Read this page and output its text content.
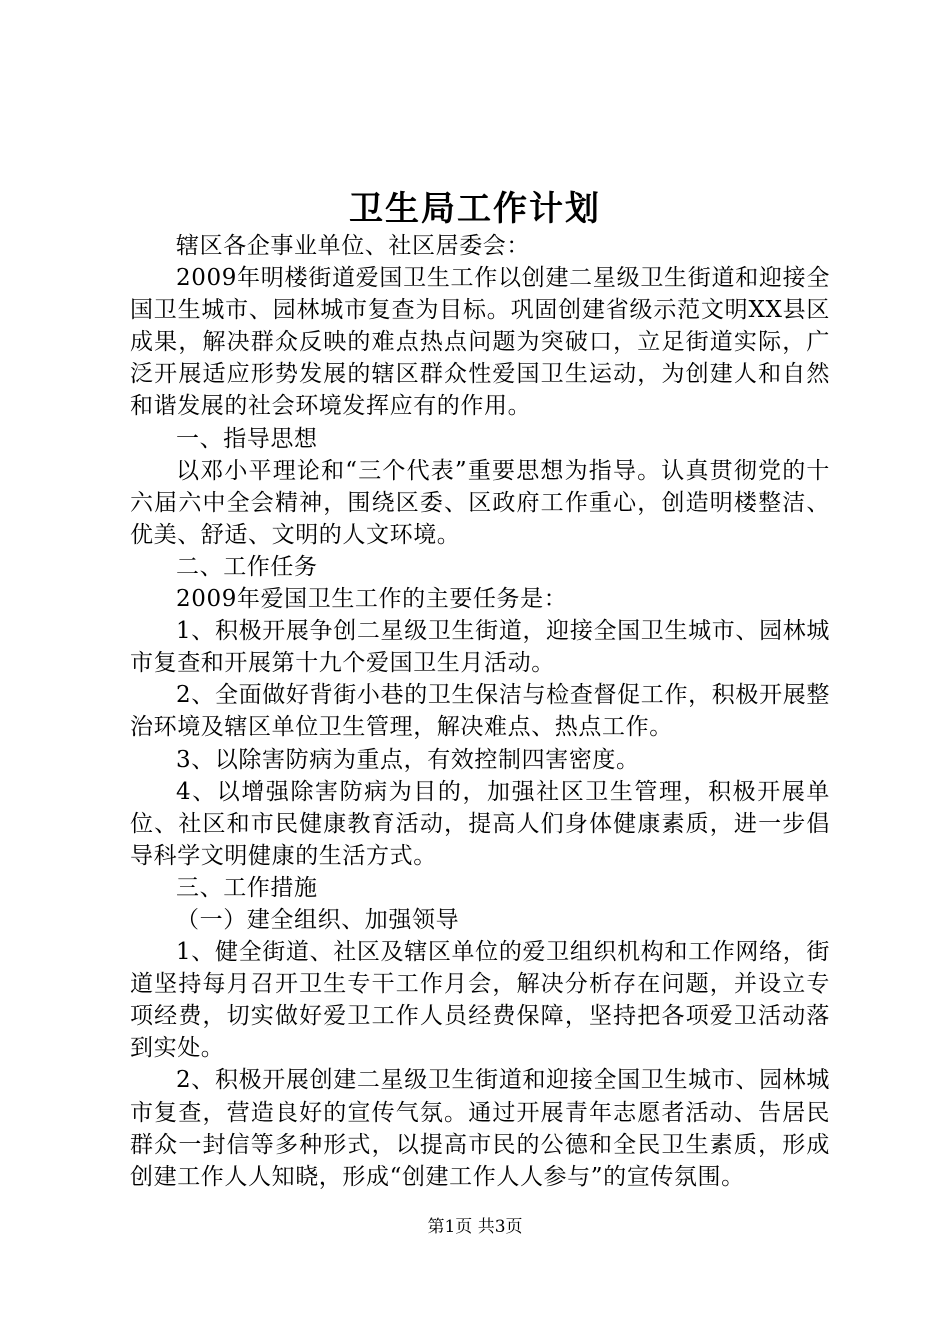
卫生局工作计划

辖区各企事业单位、社区居委会：

2009年明楼街道爱国卫生工作以创建二星级卫生街道和迎接全国卫生城市、园林城市复查为目标。巩固创建省级示范文明XX县区成果，解决群众反映的难点热点问题为突破口，立足街道实际，广泛开展适应形势发展的辖区群众性爱国卫生运动，为创建人和自然和谐发展的社会环境发挥应有的作用。

一、指导思想

以邓小平理论和“三个代表”重要思想为指导。认真贯彻党的十六届六中全会精神，围绕区委、区政府工作重心，创造明楼整洁、优美、舒适、文明的人文环境。

二、工作任务

2009年爱国卫生工作的主要任务是：

1、积极开展争创二星级卫生街道，迎接全国卫生城市、园林城市复查和开展第十九个爱国卫生月活动。

2、全面做好背街小巷的卫生保洁与检查督促工作，积极开展整治环境及辖区单位卫生管理，解决难点、热点工作。

3、以除害防病为重点，有效控制四害密度。

4、以增强除害防病为目的，加强社区卫生管理，积极开展单位、社区和市民健康教育活动，提高人们身体健康素质，进一步倡导科学文明健康的生活方式。

三、工作措施

（一）建全组织、加强领导

1、健全街道、社区及辖区单位的爱卫组织机构和工作网络，街道坚持每月召开卫生专干工作月会，解决分析存在问题，并设立专项经费，切实做好爱卫工作人员经费保障，坚持把各项爱卫活动落到实处。

2、积极开展创建二星级卫生街道和迎接全国卫生城市、园林城市复查，营造良好的宣传气氛。通过开展青年志愿者活动、告居民群众一封信等多种形式，以提高市民的公德和全民卫生素质，形成创建工作人人知晓，形成“创建工作人人参与”的宣传氛围。

第1页 共3页
